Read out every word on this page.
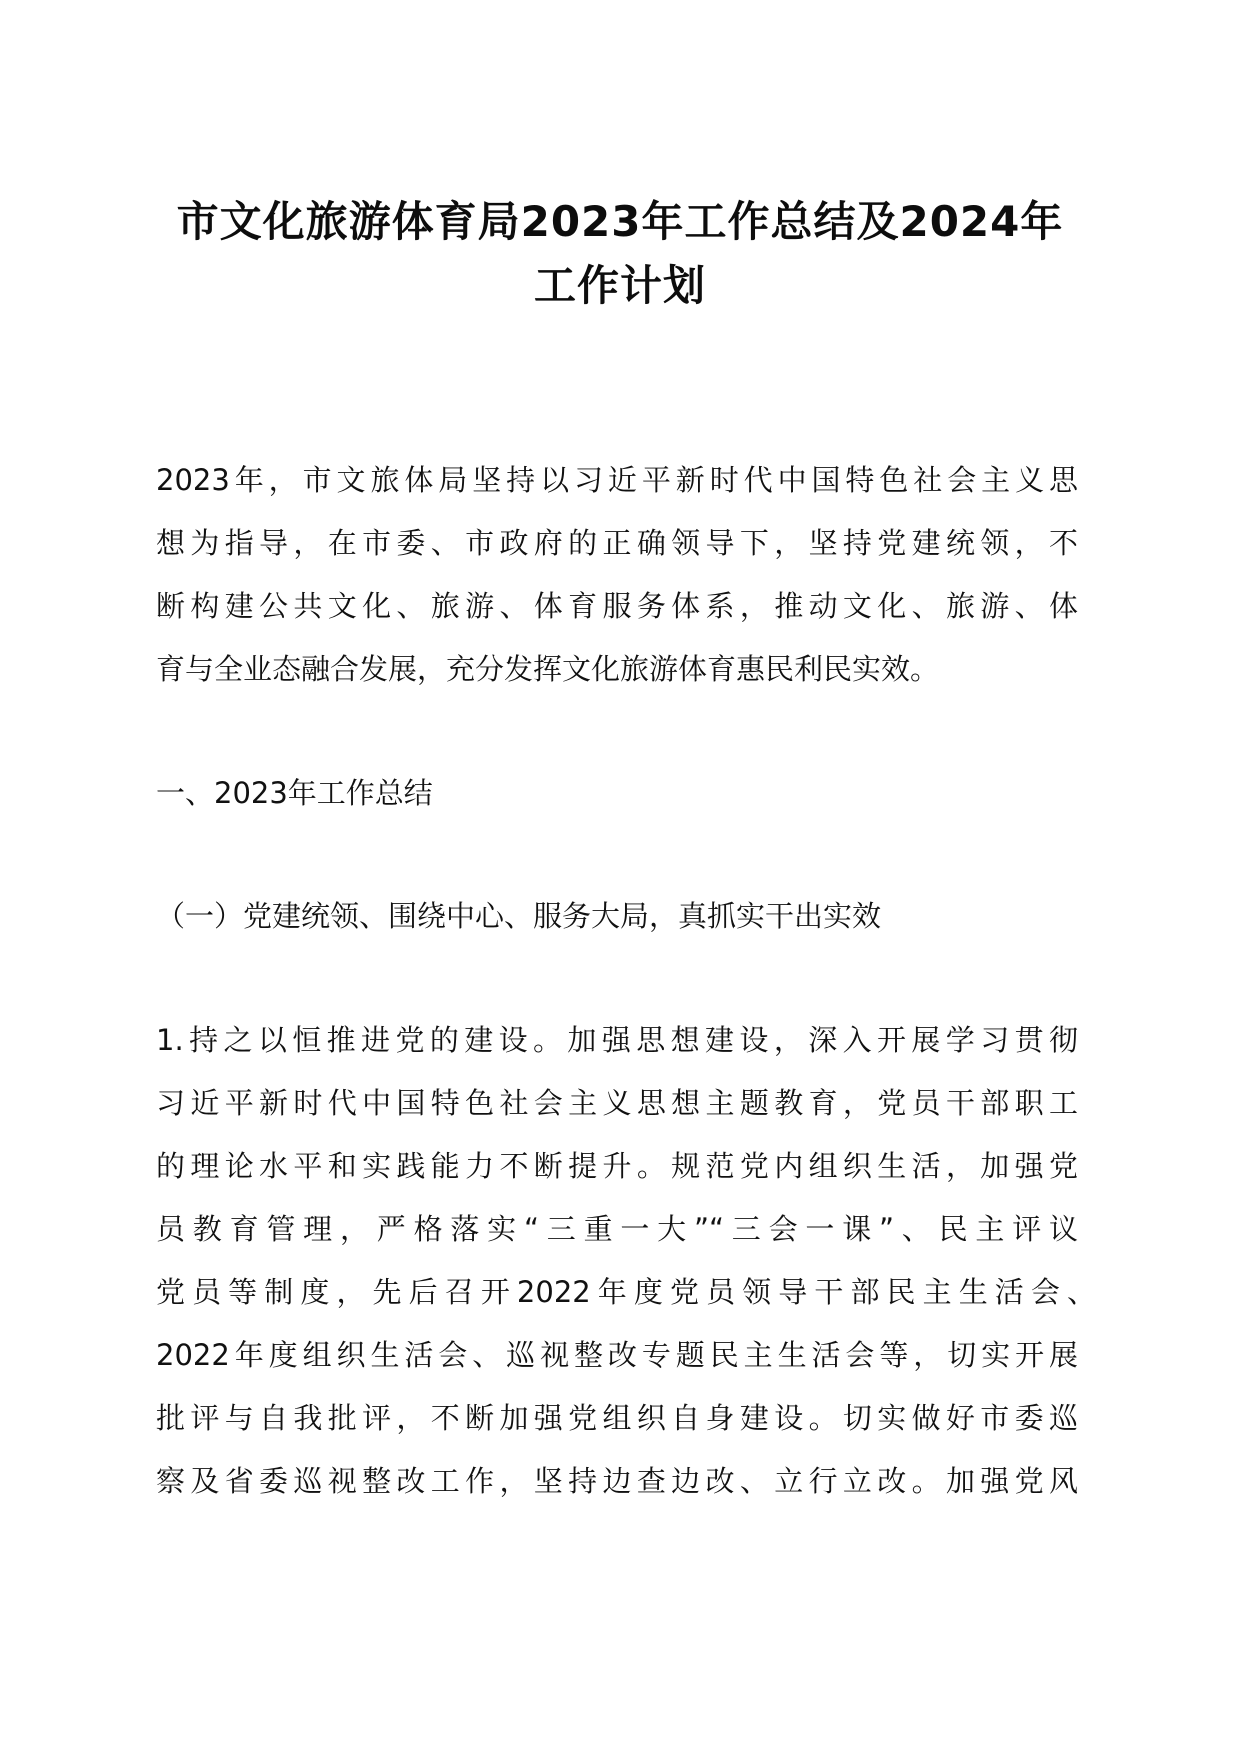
市文化旅游体育局2023年工作总结及2024年
工作计划
2023年，市文旅体局坚持以习近平新时代中国特色社会主义思
想为指导，在市委、市政府的正确领导下，坚持党建统领，不
断构建公共文化、旅游、体育服务体系，推动文化、旅游、体
育与全业态融合发展，充分发挥文化旅游体育惠民利民实效。
一、2023年工作总结
（一）党建统领、围绕中心、服务大局，真抓实干出实效
1.持之以恒推进党的建设。加强思想建设，深入开展学习贯彻
习近平新时代中国特色社会主义思想主题教育，党员干部职工
的理论水平和实践能力不断提升。规范党内组织生活，加强党
员教育管理，严格落实“三重一大”“三会一课”、民主评议
党员等制度，先后召开2022年度党员领导干部民主生活会、
2022年度组织生活会、巡视整改专题民主生活会等，切实开展
批评与自我批评，不断加强党组织自身建设。切实做好市委巡
察及省委巡视整改工作，坚持边查边改、立行立改。加强党风
